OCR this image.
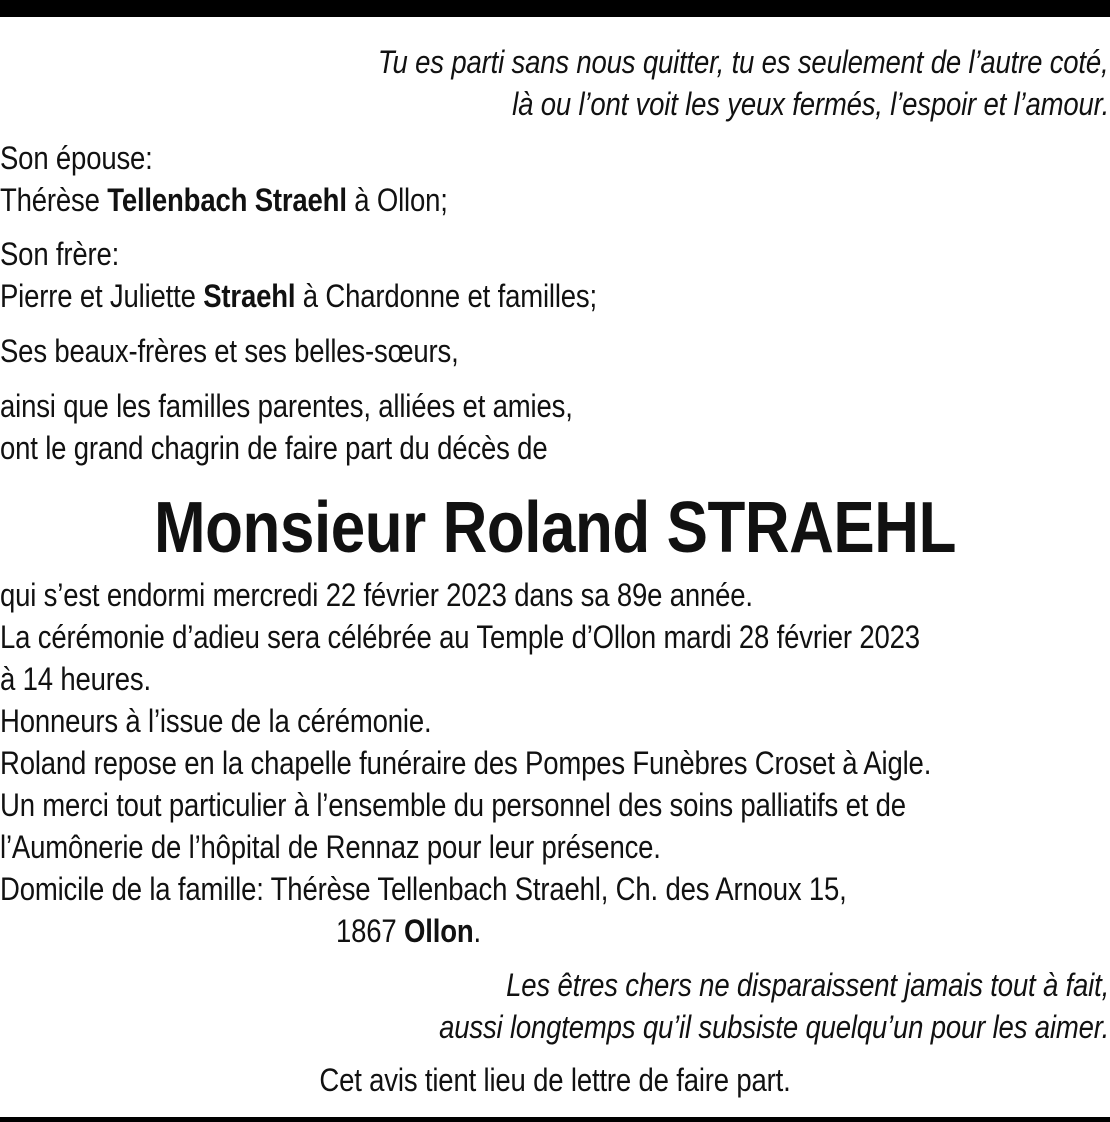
Tu es parti sans nous quitter, tu es seulement de l’autre coté,
là ou l’ont voit les yeux fermés, l’espoir et l’amour.
Son épouse:
Thérèse Tellenbach Straehl à Ollon;
Son frère:
Pierre et Juliette Straehl à Chardonne et familles;
Ses beaux-frères et ses belles-sœurs,
ainsi que les familles parentes, alliées et amies,
ont le grand chagrin de faire part du décès de
Monsieur Roland STRAEHL
qui s’est endormi mercredi 22 février 2023 dans sa 89e année.
La cérémonie d’adieu sera célébrée au Temple d’Ollon mardi 28 février 2023
à 14 heures.
Honneurs à l’issue de la cérémonie.
Roland repose en la chapelle funéraire des Pompes Funèbres Croset à Aigle.
Un merci tout particulier à l’ensemble du personnel des soins palliatifs et de
l’Aumônerie de l’hôpital de Rennaz pour leur présence.
Domicile de la famille: Thérèse Tellenbach Straehl, Ch. des Arnoux 15,
1867 Ollon.
Les êtres chers ne disparaissent jamais tout à fait,
aussi longtemps qu’il subsiste quelqu’un pour les aimer.
Cet avis tient lieu de lettre de faire part.
